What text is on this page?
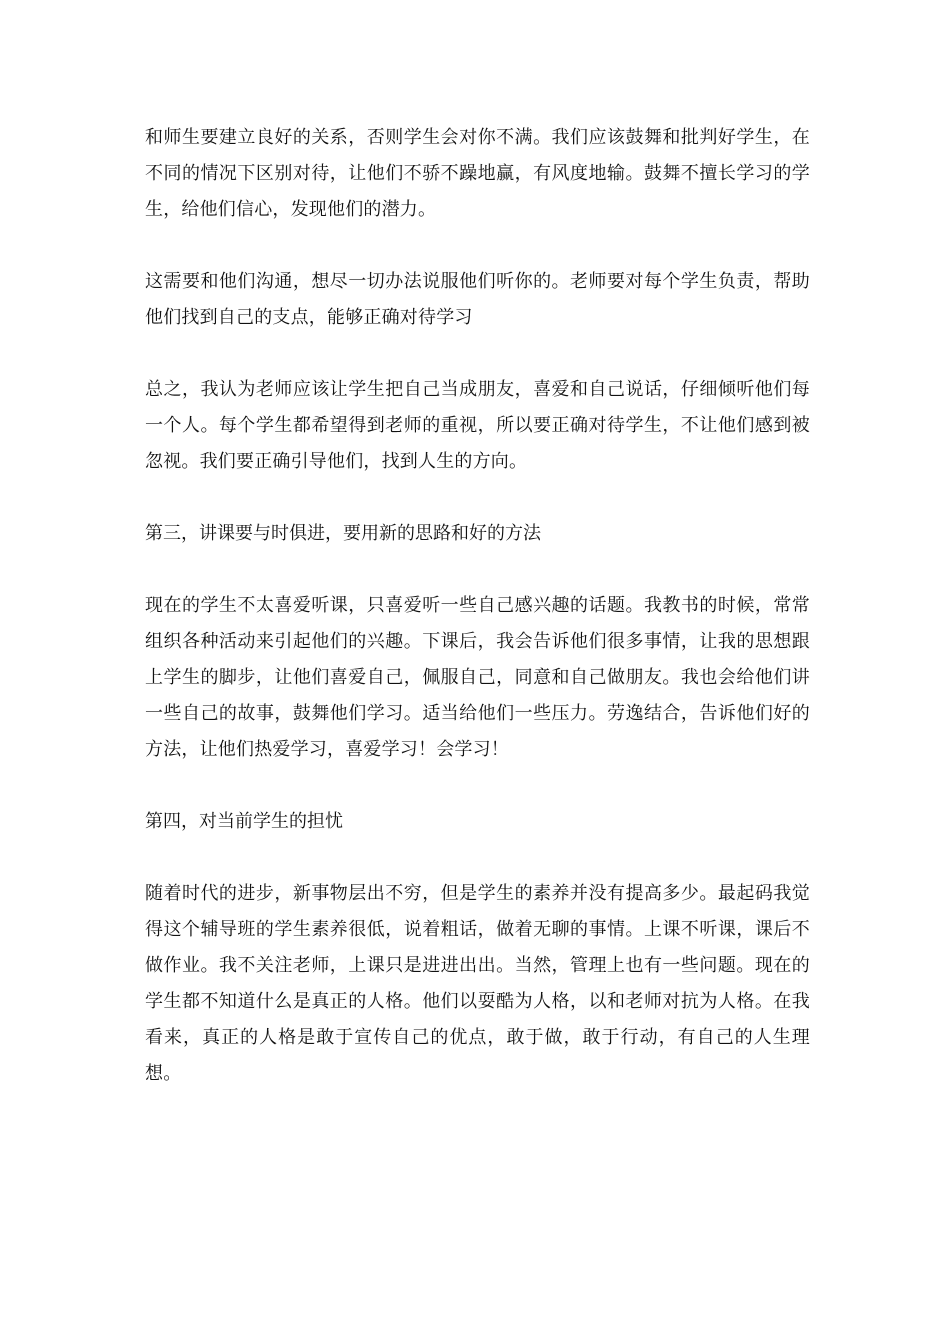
和师生要建立良好的关系，否则学生会对你不满。我们应该鼓舞和批判好学生，在不同的情况下区别对待，让他们不骄不躁地赢，有风度地输。鼓舞不擅长学习的学生，给他们信心，发现他们的潜力。

这需要和他们沟通，想尽一切办法说服他们听你的。老师要对每个学生负责，帮助他们找到自己的支点，能够正确对待学习

总之，我认为老师应该让学生把自己当成朋友，喜爱和自己说话，仔细倾听他们每一个人。每个学生都希望得到老师的重视，所以要正确对待学生，不让他们感到被忽视。我们要正确引导他们，找到人生的方向。

第三，讲课要与时俱进，要用新的思路和好的方法

现在的学生不太喜爱听课，只喜爱听一些自己感兴趣的话题。我教书的时候，常常组织各种活动来引起他们的兴趣。下课后，我会告诉他们很多事情，让我的思想跟上学生的脚步，让他们喜爱自己，佩服自己，同意和自己做朋友。我也会给他们讲一些自己的故事，鼓舞他们学习。适当给他们一些压力。劳逸结合，告诉他们好的方法，让他们热爱学习，喜爱学习！会学习！

第四，对当前学生的担忧

随着时代的进步，新事物层出不穷，但是学生的素养并没有提高多少。最起码我觉得这个辅导班的学生素养很低，说着粗话，做着无聊的事情。上课不听课，课后不做作业。我不关注老师，上课只是进进出出。当然，管理上也有一些问题。现在的学生都不知道什么是真正的人格。他们以耍酷为人格，以和老师对抗为人格。在我看来，真正的人格是敢于宣传自己的优点，敢于做，敢于行动，有自己的人生理想。
